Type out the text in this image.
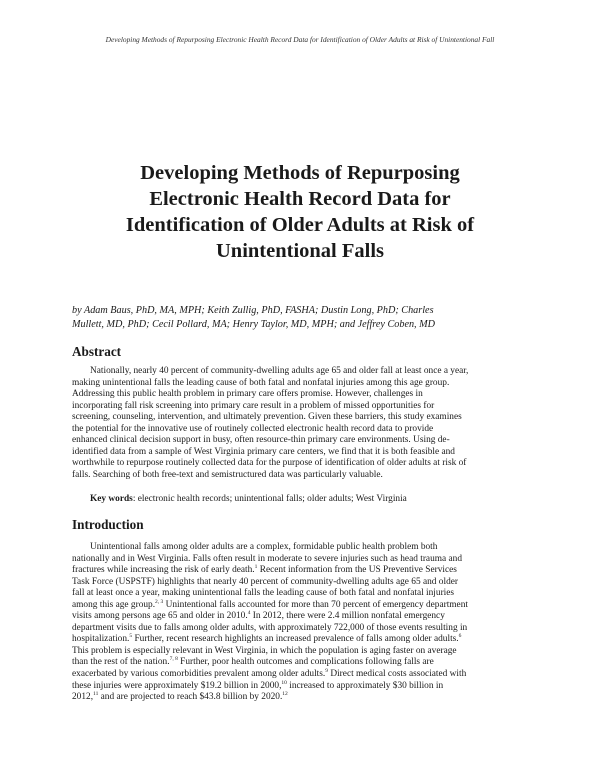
Developing Methods of Repurposing Electronic Health Record Data for Identification of Older Adults at Risk of Unintentional Fall
Developing Methods of Repurposing
Electronic Health Record Data for
Identification of Older Adults at Risk of
Unintentional Falls
by Adam Baus, PhD, MA, MPH; Keith Zullig, PhD, FASHA; Dustin Long, PhD; Charles
Mullett, MD, PhD; Cecil Pollard, MA; Henry Taylor, MD, MPH; and Jeffrey Coben, MD
Abstract
Nationally, nearly 40 percent of community-dwelling adults age 65 and older fall at least once a year,
making unintentional falls the leading cause of both fatal and nonfatal injuries among this age group.
Addressing this public health problem in primary care offers promise. However, challenges in
incorporating fall risk screening into primary care result in a problem of missed opportunities for
screening, counseling, intervention, and ultimately prevention. Given these barriers, this study examines
the potential for the innovative use of routinely collected electronic health record data to provide
enhanced clinical decision support in busy, often resource-thin primary care environments. Using de-
identified data from a sample of West Virginia primary care centers, we find that it is both feasible and
worthwhile to repurpose routinely collected data for the purpose of identification of older adults at risk of
falls. Searching of both free-text and semistructured data was particularly valuable.
Key words: electronic health records; unintentional falls; older adults; West Virginia
Introduction
Unintentional falls among older adults are a complex, formidable public health problem both
nationally and in West Virginia. Falls often result in moderate to severe injuries such as head trauma and
fractures while increasing the risk of early death.$^1$ Recent information from the US Preventive Services
Task Force (USPSTF) highlights that nearly 40 percent of community-dwelling adults age 65 and older
fall at least once a year, making unintentional falls the leading cause of both fatal and nonfatal injuries
among this age group.$^{2, 3}$ Unintentional falls accounted for more than 70 percent of emergency department
visits among persons age 65 and older in 2010.$^4$ In 2012, there were 2.4 million nonfatal emergency
department visits due to falls among older adults, with approximately 722,000 of those events resulting in
hospitalization.$^5$ Further, recent research highlights an increased prevalence of falls among older adults.$^6$
This problem is especially relevant in West Virginia, in which the population is aging faster on average
than the rest of the nation.$^{7, 8}$ Further, poor health outcomes and complications following falls are
exacerbated by various comorbidities prevalent among older adults.$^9$ Direct medical costs associated with
these injuries were approximately $19.2 billion in 2000,10 increased to approximately $30 billion in
2012,11 and are projected to reach $43.8 billion by 2020.12
